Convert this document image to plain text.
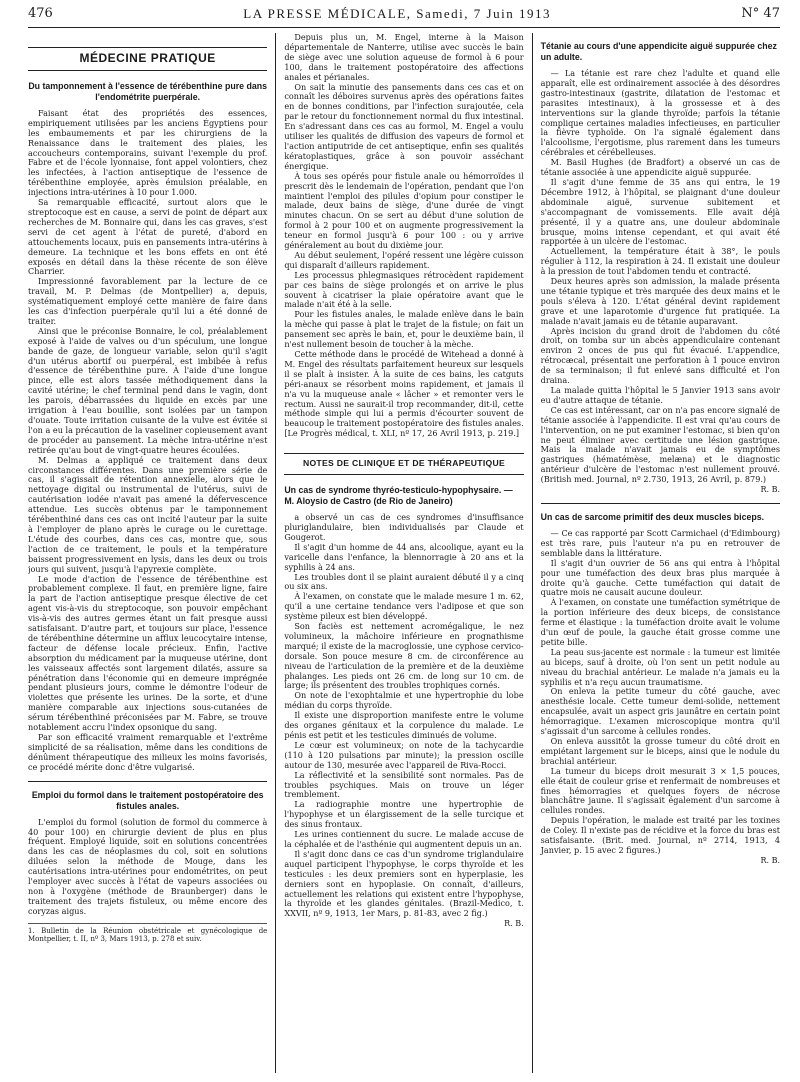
476	LA PRESSE MÉDICALE, Samedi, 7 Juin 1913	N° 47
MÉDECINE PRATIQUE
Du tamponnement à l'essence de térébenthine pure dans l'endométrite puerpérale.

Faisant état des propriétés des essences, empiriquement utilisées par les anciens Égyptiens pour les embaumements et par les chirurgiens de la Renaissance dans le traitement des plaies, les accoucheurs contemporains, suivant l'exemple du prof. Fabre et de l'école lyonnaise, font appel volontiers, chez les infectées, à l'action antiseptique de l'essence de térébenthine employée, après émulsion préalable, en injections intra-utérines à 10 pour 1.000.

Sa remarquable efficacité, surtout alors que le streptocoque est en cause, a servi de point de départ aux recherches de M. Bonnaire qui, dans les cas graves, s'est servi de cet agent à l'état de pureté, d'abord en attouchements locaux, puis en pansements intra-utérins à demeure. La technique et les bons effets en ont été exposés en détail dans la thèse récente de son élève Charrier.

Impressionné favorablement par la lecture de ce travail, M. P. Delmas (de Montpellier) a, depuis, systématiquement employé cette manière de faire dans les cas d'infection puerpérale qu'il lui a été donné de traiter.

Ainsi que le préconise Bonnaire, le col, préalablement exposé à l'aide de valves ou d'un spéculum, une longue bande de gaze, de longueur variable, selon qu'il s'agit d'un utérus abortif ou puerpéral, est imbibée à refus d'essence de térébenthine pure. À l'aide d'une longue pince, elle est alors tassée méthodiquement dans la cavité utérine; le chef terminal pend dans le vagin, dont les parois, débarrassées du liquide en excès par une irrigation à l'eau bouillie, sont isolées par un tampon d'ouate. Toute irritation cuisante de la vulve est évitée si l'on a eu la précaution de la vaseliner copieusement avant de procéder au pansement. La mèche intra-utérine n'est retirée qu'au bout de vingt-quatre heures écoulées.

M. Delmas a appliqué ce traitement dans deux circonstances différentes. Dans une première série de cas, il s'agissait de rétention annexielle, alors que le nettoyage digital ou instrumental de l'utérus, suivi de cautérisation iodée n'avait pas amené la défervescence attendue. Les succès obtenus par le tamponnement térébenthiné dans ces cas ont incité l'auteur par la suite à l'employer de plano après le curage ou le curettage. L'étude des courbes, dans ces cas, montre que, sous l'action de ce traitement, le pouls et la température baissent progressivement en lysis, dans les deux ou trois jours qui suivent, jusqu'à l'apyrexie complète.

Le mode d'action de l'essence de térébenthine est probablement complexe. Il faut, en première ligne, faire la part de l'action antiseptique presque élective de cet agent vis-à-vis du streptocoque, son pouvoir empêchant vis-à-vis des autres germes étant un fait presque aussi satisfaisant. D'autre part, et toujours sur place, l'essence de térébenthine détermine un afflux leucocytaire intense, facteur de défense locale précieux. Enfin, l'active absorption du médicament par la muqueuse utérine, dont les vaisseaux affectés sont largement dilatés, assure sa pénétration dans l'économie qui en demeure imprégnée pendant plusieurs jours, comme le démontre l'odeur de violettes que présente les urines. De la sorte, et d'une manière comparable aux injections sous-cutanées de sérum térébenthiné préconisées par M. Fabre, se trouve notablement accru l'index opsonique du sang.

Par son efficacité vraiment remarquable et l'extrême simplicité de sa réalisation, même dans les conditions de dénûment thérapeutique des milieux les moins favorisés, ce procédé mérite donc d'être vulgarisé.

Emploi du formol dans le traitement postopératoire des fistules anales.

L'emploi du formol (solution de formol du commerce à 40 pour 100) en chirurgie devient de plus en plus fréquent. Employé liquide, soit en solutions concentrées dans les cas de néoplasmes du col, soit en solutions diluées selon la méthode de Mouge, dans les cautérisations intra-utérines pour endométrites, on peut l'employer avec succès à l'état de vapeurs associées ou non à l'oxygène (méthode de Braunberger) dans le traitement des trajets fistuleux, ou même encore des coryzas aigus.

1. Bulletin de la Réunion obstétricale et gynécologique de Montpellier, t. II, nº 3, Mars 1913, p. 278 et suiv.

Depuis plus un, M. Engel, interne à la Maison départementale de Nanterre, utilise avec succès le bain de siège avec une solution aqueuse de formol à 6 pour 100, dans le traitement postopératoire des affections anales et périanales.

On sait la minutie des pansements dans ces cas et on connaît les déboires survenus après des opérations faites en de bonnes conditions, par l'infection surajoutée, cela par le retour du fonctionnement normal du flux intestinal. En s'adressant dans ces cas au formol, M. Engel a voulu utiliser les qualités de diffusion des vapeurs de formol et l'action antiputride de cet antiseptique, enfin ses qualités kératoplastiques, grâce à son pouvoir asséchant énergique.

À tous ses opérés pour fistule anale ou hémorroïdes il prescrit dès le lendemain de l'opération, pendant que l'on maintient l'emploi des pilules d'opium pour constiper le malade, deux bains de siège, d'une durée de vingt minutes chacun. On se sert au début d'une solution de formol à 2 pour 100 et on augmente progressivement la teneur en formol jusqu'à 6 pour 100 : ou y arrive généralement au bout du dixième jour.

Au début seulement, l'opéré ressent une légère cuisson qui disparaît d'ailleurs rapidement.

Les processus phlegmasiques rétrocèdent rapidement par ces bains de siège prolongés et on arrive le plus souvent à cicatriser la plaie opératoire avant que le malade n'ait été à la selle.

Pour les fistules anales, le malade enlève dans le bain la mèche qui passe à plat le trajet de la fistule; on fait un pansement sec après le bain, et, pour le deuxième bain, il n'est nullement besoin de toucher à la mèche.

Cette méthode dans le procédé de Witehead a donné à M. Engel des résultats parfaitement heureux sur lesquels il se plaît à insister. À la suite de ces bains, les catguts péri-anaux se résorbent moins rapidement, et jamais il n'a vu la muqueuse anale « lâcher » et remonter vers le rectum. Aussi ne saurait-il trop recommander, dit-il, cette méthode simple qui lui a permis d'écourter souvent de beaucoup le traitement postopératoire des fistules anales. [Le Progrès médical, t. XLI, nº 17, 26 Avril 1913, p. 219.]

NOTES DE CLINIQUE ET DE THÉRAPEUTIQUE
Un cas de syndrome thyréo-testiculo-hypophysaire. — M. Aloysio de Castro (de Rio de Janeiro)

a observé un cas de ces syndromes d'insuffisance pluriglandulaire, bien individualisés par Claude et Gougerot.

Il s'agit d'un homme de 44 ans, alcoolique, ayant eu la varicelle dans l'enfance, la blennorragie à 20 ans et la syphilis à 24 ans.

Les troubles dont il se plaint auraient débuté il y a cinq ou six ans.

À l'examen, on constate que le malade mesure 1 m. 62, qu'il a une certaine tendance vers l'adipose et que son système pileux est bien développé.

Son faciès est nettement acromégalique, le nez volumineux, la mâchoire inférieure en prognathisme marqué; il existe de la macroglossie, une cyphose cervico-dorsale. Son pouce mesure 8 cm. de circonférence au niveau de l'articulation de la première et de la deuxième phalanges. Les pieds ont 26 cm. de long sur 10 cm. de large; ils présentent des troubles trophiques cornés.

On note de l'exophtalmie et une hypertrophie du lobe médian du corps thyroïde.

Il existe une disproportion manifeste entre le volume des organes génitaux et la corpulence du malade. Le pénis est petit et les testicules diminués de volume.

Le cœur est volumineux; on note de la tachycardie (110 à 120 pulsations par minute); la pression oscille autour de 130, mesurée avec l'appareil de Riva-Rocci.

La réflectivité et la sensibilité sont normales. Pas de troubles psychiques. Mais on trouve un léger tremblement.

La radiographie montre une hypertrophie de l'hypophyse et un élargissement de la selle turcique et des sinus frontaux.

Les urines contiennent du sucre. Le malade accuse de la céphalée et de l'asthénie qui augmentent depuis un an.

Il s'agit donc dans ce cas d'un syndrome triglandulaire auquel participent l'hypophyse, le corps thyroïde et les testicules : les deux premiers sont en hyperplasie, les derniers sont en hypoplasie. On connaît, d'ailleurs, actuellement les relations qui existent entre l'hypophyse, la thyroïde et les glandes génitales. (Brazil-Medico, t. XXVII, nº 9, 1913, 1er Mars, p. 81-83, avec 2 fig.)

R. B.
Tétanie au cours d'une appendicite aiguë suppurée chez un adulte.

— La tétanie est rare chez l'adulte et quand elle apparaît, elle est ordinairement associée à des désordres gastro-intestinaux (gastrite, dilatation de l'estomac et parasites intestinaux), à la grossesse et à des interventions sur la glande thyroïde; parfois la tétanie complique certaines maladies infectieuses, en particulier la fièvre typhoïde. On l'a signalé également dans l'alcoolisme, l'ergotisme, plus rarement dans les tumeurs cérébrales et cérébelleuses.

M. Basil Hughes (de Bradfort) a observé un cas de tétanie associée à une appendicite aiguë suppurée.

Il s'agit d'une femme de 35 ans qui entra, le 19 Décembre 1912, à l'hôpital, se plaignant d'une douleur abdominale aiguë, survenue subitement et s'accompagnant de vomissements. Elle avait déjà présenté, il y a quatre ans, une douleur abdominale brusque, moins intense cependant, et qui avait été rapportée à un ulcère de l'estomac.

Actuellement, la température était à 38°, le pouls régulier à 112, la respiration à 24. Il existait une douleur à la pression de tout l'abdomen tendu et contracté.

Deux heures après son admission, la malade présenta une tétanie typique et très marquée des deux mains et le pouls s'éleva à 120. L'état général devint rapidement grave et une laparotomie d'urgence fut pratiquée. La malade n'avait jamais eu de tétanie auparavant.

Après incision du grand droit de l'abdomen du côté droit, on tomba sur un abcès appendiculaire contenant environ 2 onces de pus qui fut évacué. L'appendice, rétrocæcal, présentait une perforation à 1 pouce environ de sa terminaison; il fut enlevé sans difficulté et l'on draina.

La malade quitta l'hôpital le 5 Janvier 1913 sans avoir eu d'autre attaque de tétanie.

Ce cas est intéressant, car on n'a pas encore signalé de tétanie associée à l'appendicite. Il est vrai qu'au cours de l'intervention, on ne put examiner l'estomac, si bien qu'on ne peut éliminer avec certitude une lésion gastrique. Mais la malade n'avait jamais eu de symptômes gastriques (hématémèse, melæna) et le diagnostic antérieur d'ulcère de l'estomac n'est nullement prouvé. (British med. Journal, nº 2.730, 1913, 26 Avril, p. 879.)

R. B.
Un cas de sarcome primitif des deux muscles biceps.

— Ce cas rapporté par Scott Carmichael (d'Edimbourg) est très rare, puis l'auteur n'a pu en retrouver de semblable dans la littérature.

Il s'agit d'un ouvrier de 56 ans qui entra à l'hôpital pour une tuméfaction des deux bras plus marquée à droite qu'à gauche. Cette tuméfaction qui datait de quatre mois ne causait aucune douleur.

À l'examen, on constate une tuméfaction symétrique de la portion inférieure des deux biceps, de consistance ferme et élastique : la tuméfaction droite avait le volume d'un œuf de poule, la gauche était grosse comme une petite bille.

La peau sus-jacente est normale : la tumeur est limitée au biceps, sauf à droite, où l'on sent un petit nodule au niveau du brachial antérieur. Le malade n'a jamais eu la syphilis et n'a reçu aucun traumatisme.

On enleva la petite tumeur du côté gauche, avec anesthésie locale. Cette tumeur demi-solide, nettement encapsulée, avait un aspect gris jaunâtre en certain point hémorragique. L'examen microscopique montra qu'il s'agissait d'un sarcome à cellules rondes.

On enleva aussitôt la grosse tumeur du côté droit en empiétant largement sur le biceps, ainsi que le nodule du brachial antérieur.

La tumeur du biceps droit mesurait 3 × 1,5 pouces, elle était de couleur grise et renfermait de nombreuses et fines hémorragies et quelques foyers de nécrose blanchâtre jaune. Il s'agissait également d'un sarcome à cellules rondes.

Depuis l'opération, le malade est traité par les toxines de Coley. Il n'existe pas de récidive et la force du bras est satisfaisante. (Brit. med. Journal, nº 2714, 1913, 4 Janvier, p. 15 avec 2 figures.)

R. B.
